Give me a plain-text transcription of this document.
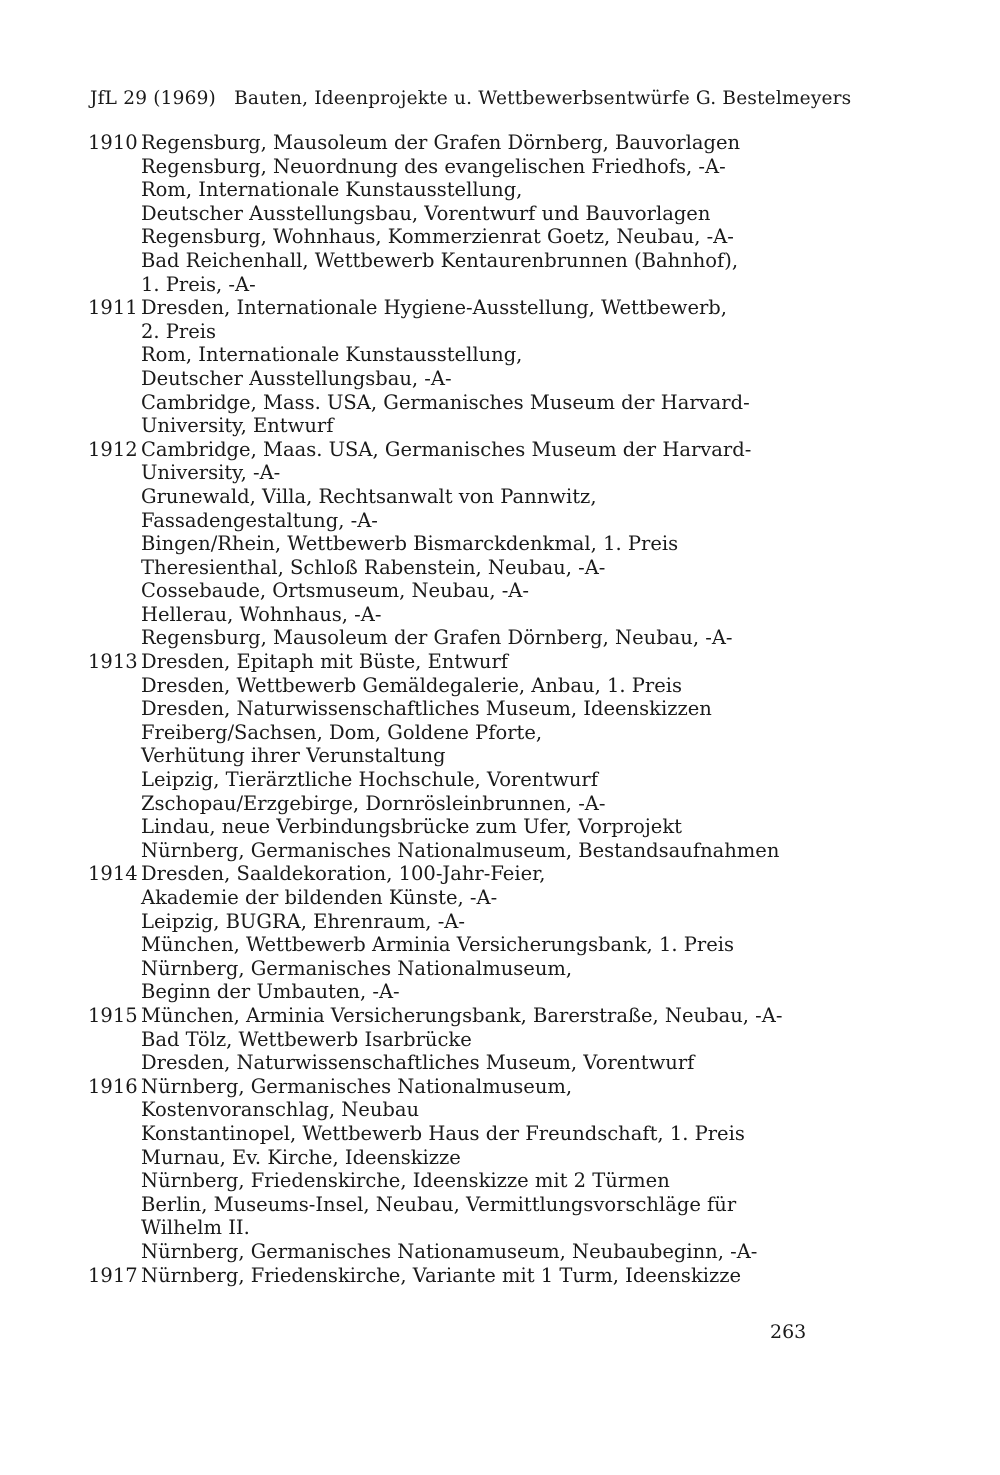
JfL 29 (1969) Bauten, Ideenprojekte u. Wettbewerbsentwürfe G. Bestelmeyers
1910 Regensburg, Mausoleum der Grafen Dörnberg, Bauvorlagen
Regensburg, Neuordnung des evangelischen Friedhofs, -A-
Rom, Internationale Kunstausstellung,
Deutscher Ausstellungsbau, Vorentwurf und Bauvorlagen
Regensburg, Wohnhaus, Kommerzienrat Goetz, Neubau, -A-
Bad Reichenhall, Wettbewerb Kentaurenbrunnen (Bahnhof),
1. Preis, -A-
1911 Dresden, Internationale Hygiene-Ausstellung, Wettbewerb,
2. Preis
Rom, Internationale Kunstausstellung,
Deutscher Ausstellungsbau, -A-
Cambridge, Mass. USA, Germanisches Museum der Harvard-
University, Entwurf
1912 Cambridge, Maas. USA, Germanisches Museum der Harvard-
University, -A-
Grunewald, Villa, Rechtsanwalt von Pannwitz,
Fassadengestaltung, -A-
Bingen/Rhein, Wettbewerb Bismarckdenkmal, 1. Preis
Theresienthal, Schloß Rabenstein, Neubau, -A-
Cossebaude, Ortsmuseum, Neubau, -A-
Hellerau, Wohnhaus, -A-
Regensburg, Mausoleum der Grafen Dörnberg, Neubau, -A-
1913 Dresden, Epitaph mit Büste, Entwurf
Dresden, Wettbewerb Gemäldegalerie, Anbau, 1. Preis
Dresden, Naturwissenschaftliches Museum, Ideenskizzen
Freiberg/Sachsen, Dom, Goldene Pforte,
Verhütung ihrer Verunstaltung
Leipzig, Tierärztliche Hochschule, Vorentwurf
Zschopau/Erzgebirge, Dornrösleinbrunnen, -A-
Lindau, neue Verbindungsbrücke zum Ufer, Vorprojekt
Nürnberg, Germanisches Nationalmuseum, Bestandsaufnahmen
1914 Dresden, Saaldekoration, 100-Jahr-Feier,
Akademie der bildenden Künste, -A-
Leipzig, BUGRA, Ehrenraum, -A-
München, Wettbewerb Arminia Versicherungsbank, 1. Preis
Nürnberg, Germanisches Nationalmuseum,
Beginn der Umbauten, -A-
1915 München, Arminia Versicherungsbank, Barerstraße, Neubau, -A-
Bad Tölz, Wettbewerb Isarbrücke
Dresden, Naturwissenschaftliches Museum, Vorentwurf
1916 Nürnberg, Germanisches Nationalmuseum,
Kostenvoranschlag, Neubau
Konstantinopel, Wettbewerb Haus der Freundschaft, 1. Preis
Murnau, Ev. Kirche, Ideenskizze
Nürnberg, Friedenskirche, Ideenskizze mit 2 Türmen
Berlin, Museums-Insel, Neubau, Vermittlungsvorschläge für
Wilhelm II.
Nürnberg, Germanisches Nationamuseum, Neubaubeginn, -A-
1917 Nürnberg, Friedenskirche, Variante mit 1 Turm, Ideenskizze
263
